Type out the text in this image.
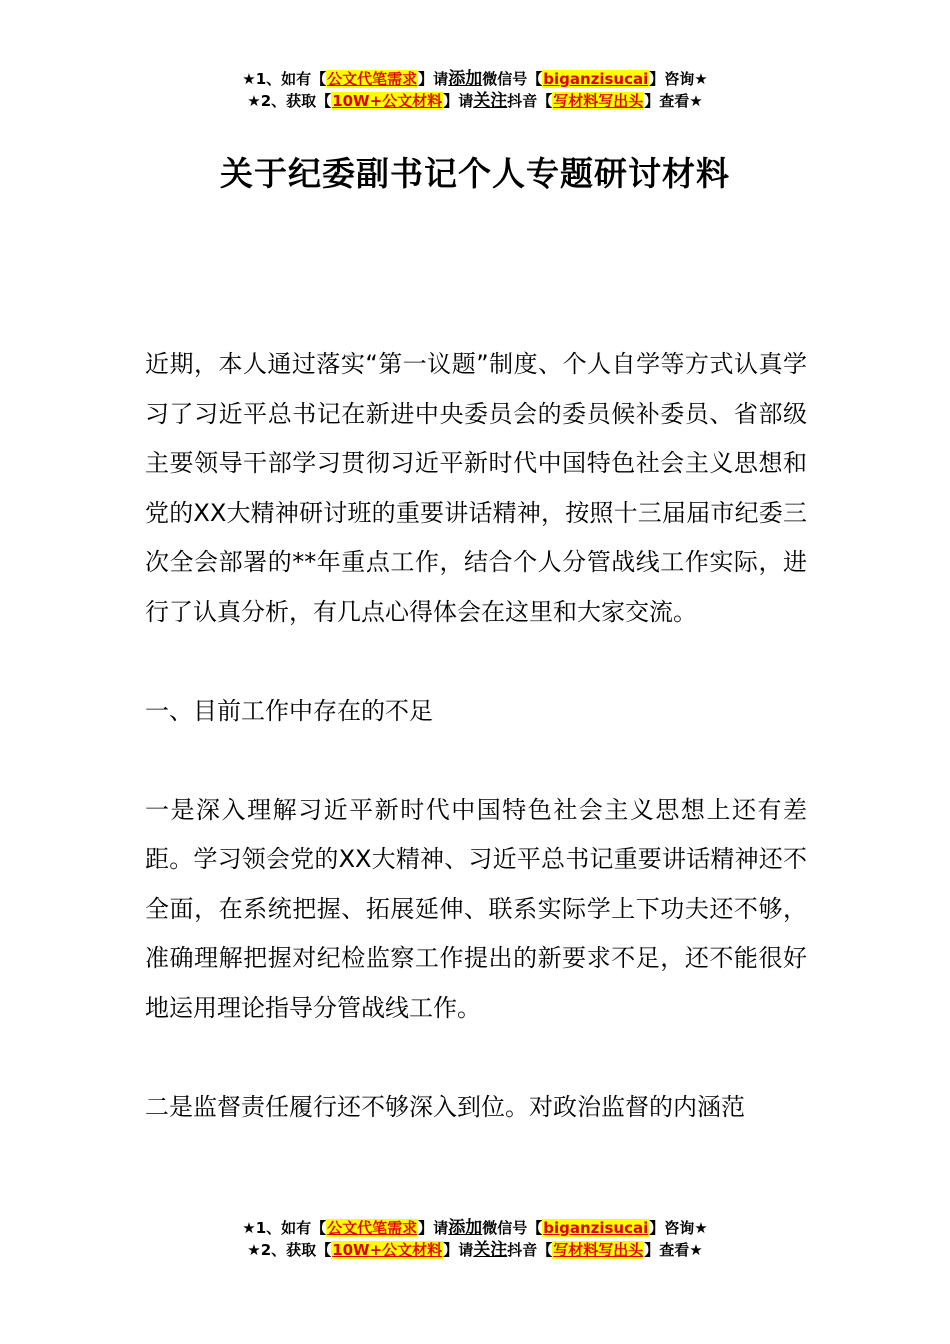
★1、如有【公文代笔需求】请添加微信号【biganzisucai】咨询★
★2、获取【10W+公文材料】请关注抖音【写材料写出头】查看★
关于纪委副书记个人专题研讨材料

近期，本人通过落实“第一议题”制度、个人自学等方式认真学习了习近平总书记在新进中央委员会的委员候补委员、省部级主要领导干部学习贯彻习近平新时代中国特色社会主义思想和党的XX大精神研讨班的重要讲话精神，按照十三届届市纪委三次全会部署的**年重点工作，结合个人分管战线工作实际，进行了认真分析，有几点心得体会在这里和大家交流。

一、目前工作中存在的不足

一是深入理解习近平新时代中国特色社会主义思想上还有差距。学习领会党的XX大精神、习近平总书记重要讲话精神还不全面，在系统把握、拓展延伸、联系实际学上下功夫还不够，准确理解把握对纪检监察工作提出的新要求不足，还不能很好地运用理论指导分管战线工作。

二是监督责任履行还不够深入到位。对政治监督的内涵范

★1、如有【公文代笔需求】请添加微信号【biganzisucai】咨询★
★2、获取【10W+公文材料】请关注抖音【写材料写出头】查看★
